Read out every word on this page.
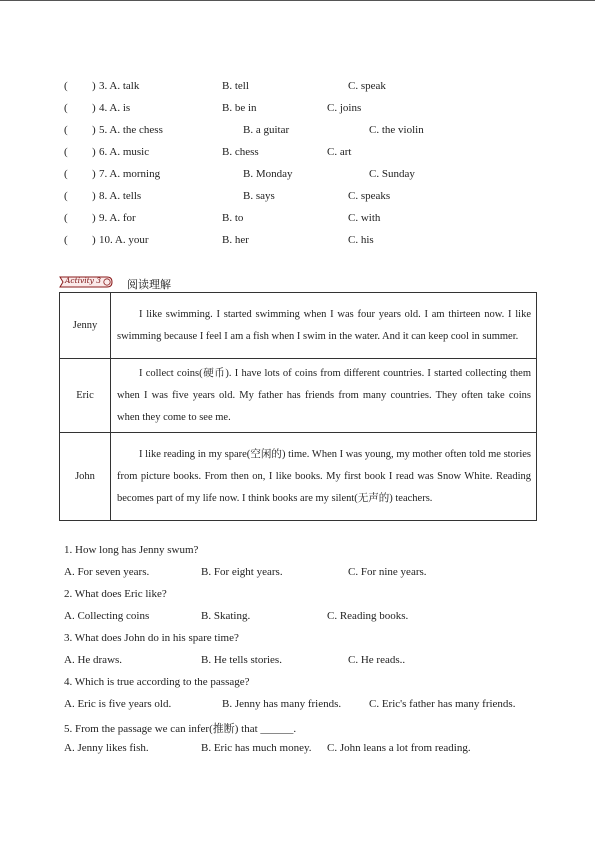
( ) 3. A. talk	B. tell	C. speak
( ) 4. A. is	B. be in	C. joins
( ) 5. A. the chess	B. a guitar	C. the violin
( ) 6. A. music	B. chess	C. art
( ) 7. A. morning	B. Monday	C. Sunday
( ) 8. A. tells	B. says	C. speaks
( ) 9. A. for	B. to	C. with
( ) 10. A. your	B. her	C. his
Activity 3 阅读理解
Jenny	I like swimming. I started swimming when I was four years old. I am thirteen now. I like swimming because I feel I am a fish when I swim in the water. And it can keep cool in summer.
Eric	I collect coins(硬币). I have lots of coins from different countries. I started collecting them when I was five years old. My father has friends from many countries. They often take coins when they come to see me.
John	I like reading in my spare(空闲的) time. When I was young, my mother often told me stories from picture books. From then on, I like books. My first book I read was Snow White. Reading becomes part of my life now. I think books are my silent(无声的) teachers.
1. How long has Jenny swum?
A. For seven years.	B. For eight years.	C. For nine years.
2. What does Eric like?
A. Collecting coins	B. Skating.	C. Reading books.
3. What does John do in his spare time?
A. He draws.	B. He tells stories.	C. He reads..
4. Which is true according to the passage?
A. Eric is five years old.	B. Jenny has many friends.	C. Eric's father has many friends.
5. From the passage we can infer(推断) that ______.
A. Jenny likes fish.	B. Eric has much money. C. John leans a lot from reading.
